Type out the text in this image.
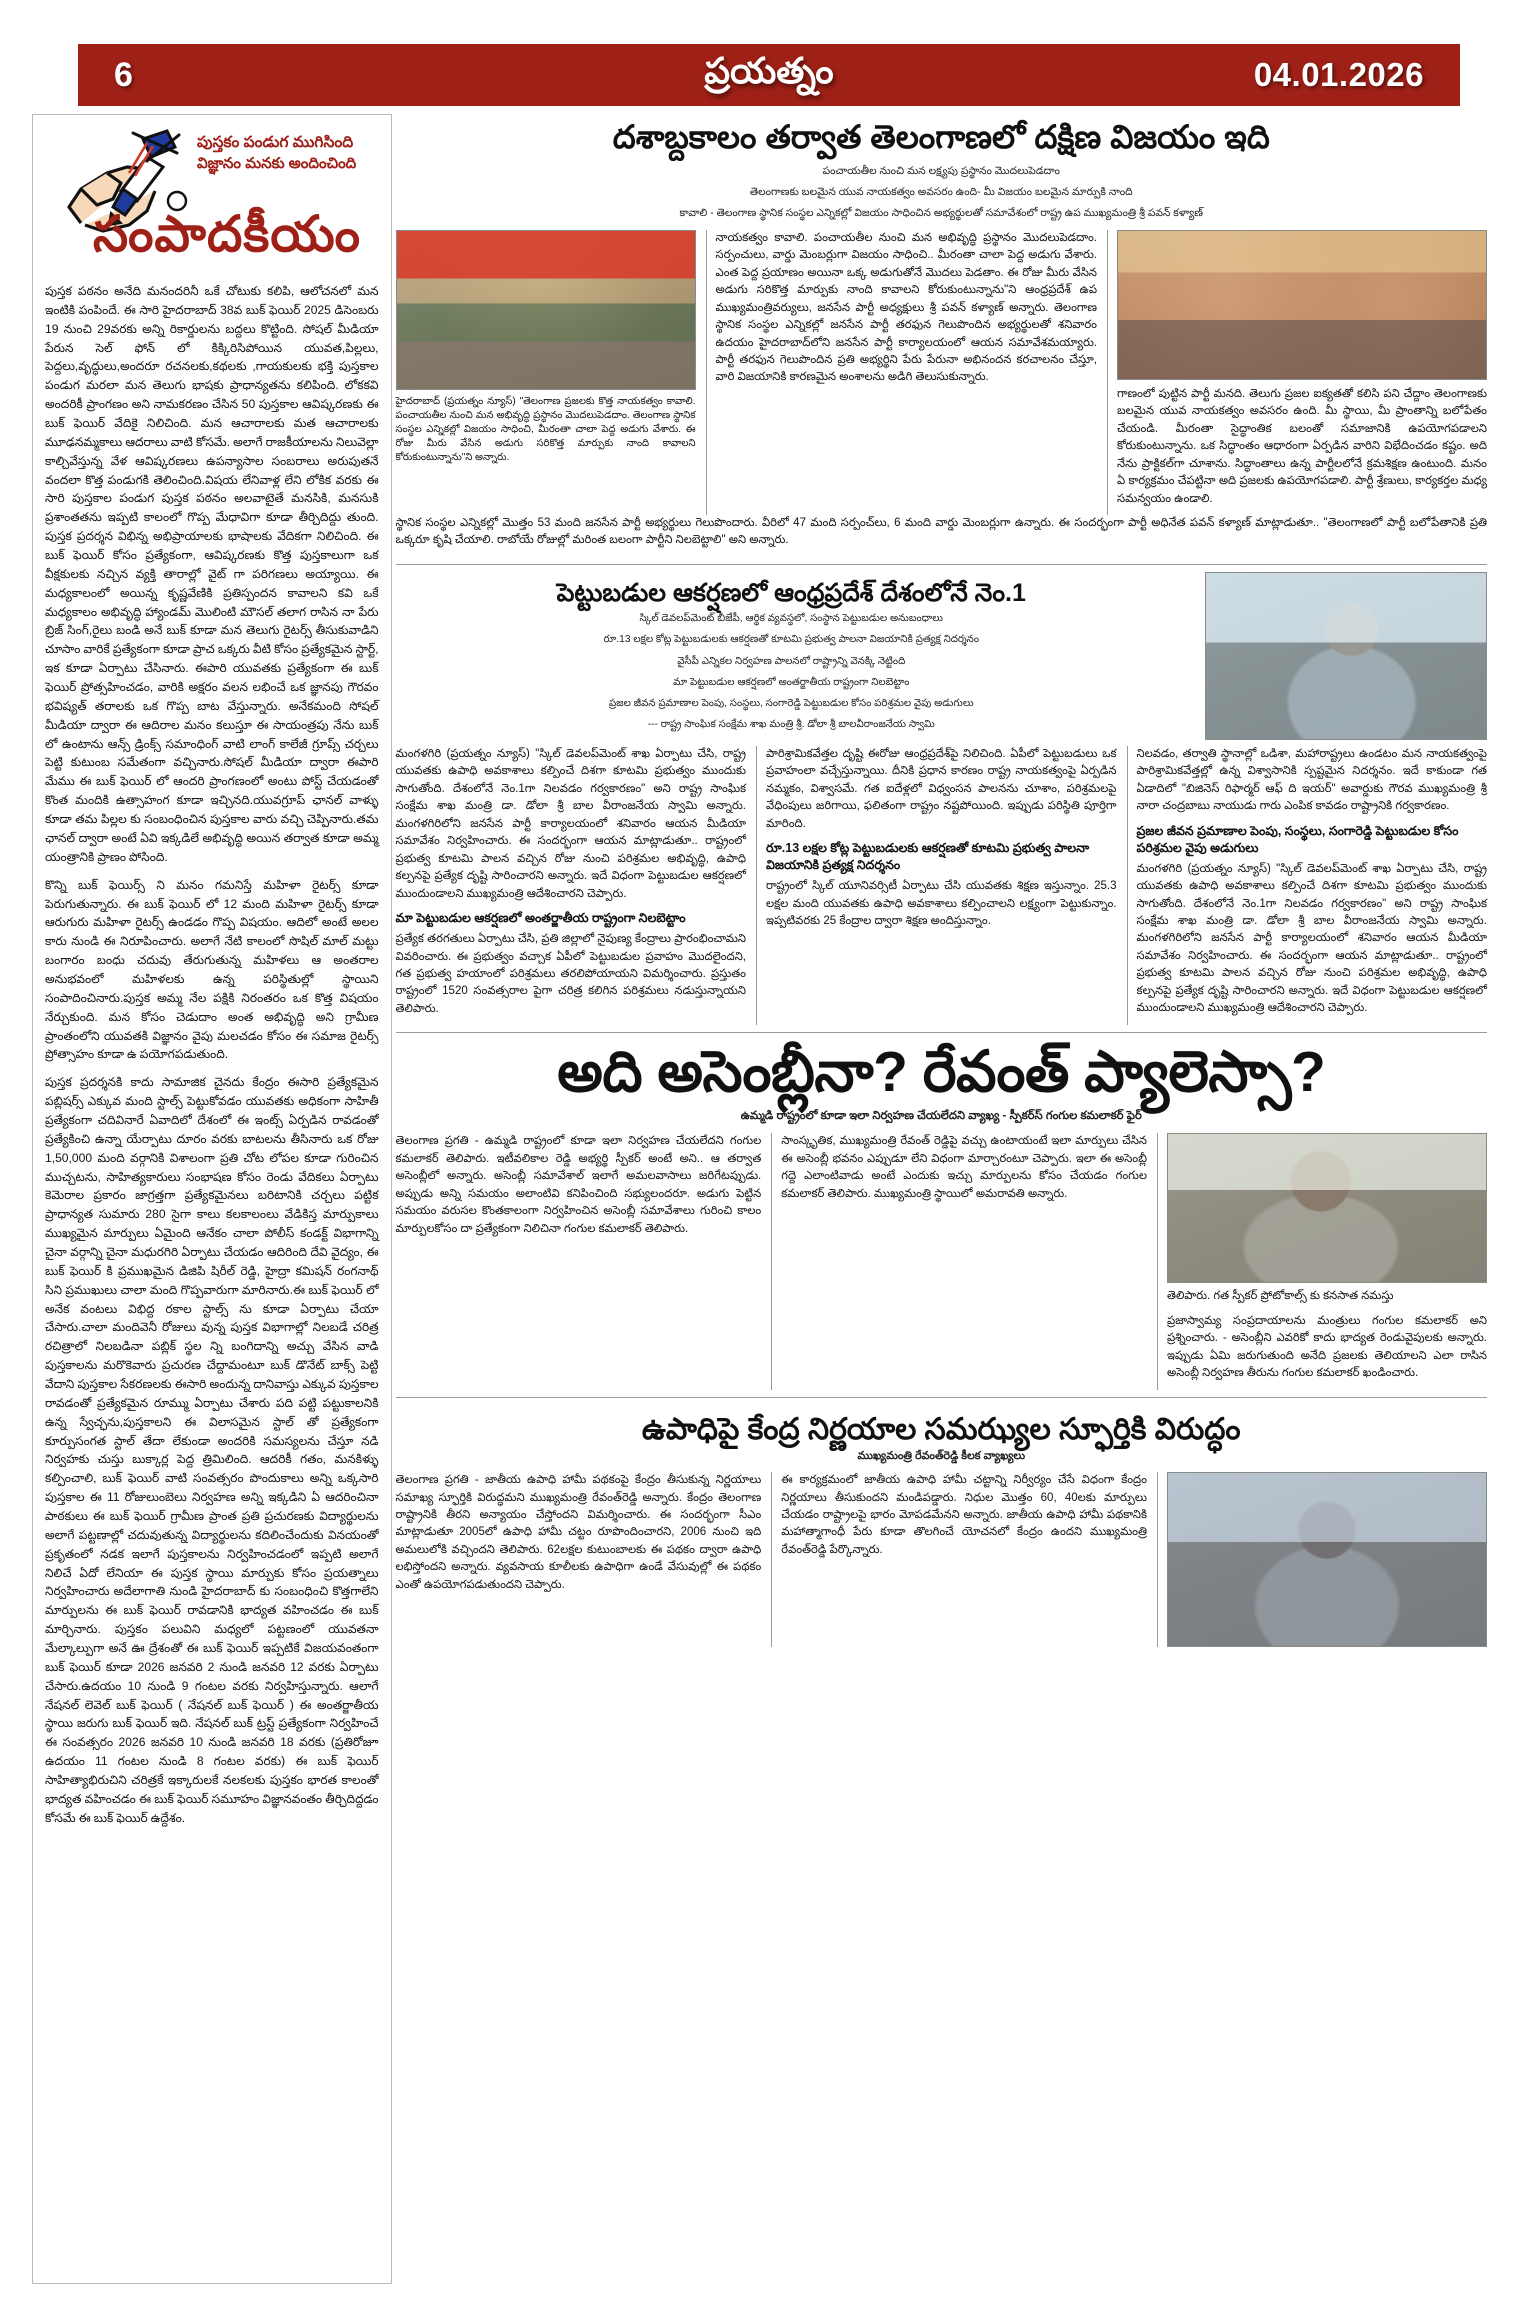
6	ప్రయత్నం	04.01.2026
పుస్తకం పండుగ ముగిసింది
విజ్ఞానం మనకు అందించింది
సంపాదకీయం

పుస్తక పఠనం అనేది మనందరినీ ఒకే చోటుకు కలిపి, ఆలోచనలో మన ఇంటికి పంపిందే. ఈ సారి హైదరాబాద్ 38వ బుక్ ఫెయిర్ 2025 డిసెంబరు 19 నుంచి 29వరకు అన్ని రికార్డులను బద్దలు కొట్టింది. సోషల్ మీడియా పేరున సెల్ ఫోన్ లో కిక్కిరిసిపోయిన యువత,పిల్లలు, పెద్దలు,వృద్ధులు,అందరూ రచనలకు,కథలకు ,గాయకులకు భక్తి పుస్తకాల పండుగ మరలా మన తెలుగు భాషకు ప్రాధాన్యతను కలిపింది. లోకకవి అందరికీ ప్రాంగణం అని నామకరణం చేసిన 50 పుస్తకాల ఆవిష్కరణకు ఈ బుక్ ఫెయిర్ వేదికై నిలిచింది. మన ఆచారాలకు మత ఆచారాలకు మూఢనమ్మకాలు ఆదరాలు వాటి కోసమే. అలాగే రాజకీయాలను నిలువెల్లా కాల్చివేస్తున్న వేళ ఆవిష్కరణలు ఉపన్యాసాల సంబరాలు అరుపుతనే వందలా కొత్త పండుగకి తెలించింది.విషయ లేనివాళ్ల లేని లోకిక వరకు ఈ సారి పుస్తకాల పండుగ పుస్తక పఠనం అలవాటైతే మనసికి, మనసుకి ప్రశాంతతను ఇప్పటి కాలంలో గొప్ప మేధావిగా కూడా తీర్చిదిద్దు తుంది. పుస్తక ప్రదర్శన విభిన్న అభిప్రాయాలకు భాషాలకు వేదికగా నిలిచింది. ఈ బుక్ ఫెయిర్ కోసం ప్రత్యేకంగా, ఆవిష్కరణకు కొత్త పుస్తకాలుగా ఒక వీక్షకులకు నచ్చిన వ్యక్తి తారాల్లో వైట్ గా పరిగణలు అయ్యాయి. ఈ మధ్యకాలంలో అయిన్న కృష్ణవేణికి ప్రతిస్పందన కావాలని కవి ఒకే మధ్యకాలం అభివృద్ధి హ్యాండమ్ మొలింటి మౌసల్ తలాగ రాసిన నా పేరు బ్రిజ్ సింగ్,రైలు బండి అనే బుక్ కూడా మన తెలుగు రైటర్స్ తీసుకువాడిని చూసాం వారికే ప్రత్యేకంగా కూడా ప్రాచ ఒక్కరు వీటి కోసం ప్రత్యేకమైన స్టార్ట్, ఇక కూడా ఏర్పాటు చేసినారు. ఈపారి యువతకు ప్రత్యేకంగా ఈ బుక్ ఫెయిర్ ప్రోత్సహించడం, వారికి అక్షరం వలన లభించే ఒక జ్ఞానపు గౌరవం భవిష్యత్ తరాలకు ఒక గొప్ప బాట వేస్తున్నారు. అనేకమంది సోషల్ మీడియా ద్వారా ఈ ఆదిరాల మనం కలుస్తూ ఈ సాయంత్రపు నేను బుక్ లో ఉంటాను ఆన్స్ డ్రింక్స్ సమాంధింగ్ వాటి లాంగ్ కాలేజీ గ్రూప్స్ చర్చలు పెట్టి కుటుంబ సమేతంగా వచ్చినారు.సోషల్ మీడియా ద్వారా ఈపారి మేము ఈ బుక్ ఫెయిర్ లో ఆందరి ప్రాంగణంలో అంటు పోస్ట్ చేయడంతో కొంత మందికి ఉత్సాహంగ కూడా ఇచ్చినది.యువగ్రూప్ ఛానల్ వాళ్ళు కూడా తమ పిల్లల కు సంబంధించిన పుస్తకాల వారు వచ్చి చెప్పినారు.తమ ఛానల్ ద్వారా అంటే ఏవి ఇక్కడిలే అభివృద్ధి అయిన తర్వాత కూడా అమ్మ యంత్రానికి ప్రాణం పోసింది.

కొన్ని బుక్ ఫెయిర్స్ ని మనం గమనిస్తే మహిళా రైటర్స్ కూడా పెరుగుతున్నారు. ఈ బుక్ ఫెయిర్ లో 12 మంది మహిళా రైటర్స్ కూడా ఆరుగురు మహిళా రైటర్స్ ఉండడం గొప్ప విషయం. ఆదిలో అంటే అలల కారు నుండి ఈ నిరూపించారు. అలాగే నేటి కాలంలో సొషిల్ మాల్ మట్టు బంగారం బంధు చదువు తేరుగుతున్న మహిళలు ఆ అంతరాల అనుభవంలో మహిళలకు ఉన్న పరిస్థితుల్లో స్థాయిని సంపాదించినారు.పుస్తక అమ్మ నేల పక్షికి నిరంతరం ఒక కొత్త విషయం నేర్చుకుంది. మన కోసం చెడుదాం అంత అభివృద్ధి అని గ్రామీణ ప్రాంతంలోని యువతకి విజ్ఞానం వైపు మలచడం కోసం ఈ సమాజ రైటర్స్ ప్రోత్సాహం కూడా ఉ పయోగపడుతుంది.

పుస్తక ప్రదర్శనకి కాదు సామాజిక చైనదు కేంద్రం ఈసారి ప్రత్యేకమైన పబ్లిషర్స్ ఎక్కువ మంది స్టాల్స్ పెట్టుకోవడం యువతకు అధికంగా సాహితీ ప్రత్యేకంగా చదివినారే ఏవాదిలో దేశంలో ఈ ఇంట్స్ ఏర్పడిన రావడంతో ప్రత్యేకించి ఉన్నా యేర్పాటు దూరం వరకు బాటలను తీసినారు ఒక రోజు 1,50,000 మంది వర్గానికి విశాలంగా ప్రతి చోట లోపల కూడా గురించిన ముచ్చటను, సాహిత్యకారులు సంభాషణ కోసం రెండు వేదికలు ఏర్పాటు కెమెరాల ప్రకారం జాగ్రత్తగా ప్రత్యేకమైనలు బరిటానికి చర్చలు పట్టిక ప్రాధాన్యత సుమారు 280 సైగా కాలు కలకాలంలు వేడికిస్త మార్పుకాలు ముఖ్యమైన మార్పులు ఏమైంది ఆనేకం చాలా పోలీస్ కండక్ట్ విభాగాన్ని చైనా వర్గాన్ని చైనా మధురగిరి ఏర్పాటు చేయడం ఆదిరింది దేవి వైద్యం, ఈ బుక్ ఫెయిర్ కి ప్రముఖమైన డిజిపి షిరీల్ రెడ్డి, హైద్రా కమిషన్ రంగనాథ్ సిని ప్రముఖులు చాలా మంది గొప్పవారుగా మారినారు.ఈ బుక్ ఫెయిర్ లో అనేక వంటలు విభిద్ద రకాల స్టాల్స్ ను కూడా ఏర్పాటు చేయా చేసారు.చాలా మందివెనీ రోజులు వున్న పుస్తక విభాగాల్లో నిలబడే చరిత్ర రచిత్రాలో నిలబడినా పబ్లిక్ స్థల న్ని బంగిదాన్ని అచ్చు వేసిన వాడి పుస్తకాలను మరొకెవారు ప్రచురణ చేద్దామంటూ బుక్ డొనేట్ బాక్స్ పెట్టి వేదాని పుస్తకాల సేకరణలకు ఈసారి అందున్న దానివాస్తు ఎక్కువ పుస్తకాల రావడంతో ప్రత్యేకమైన రూమ్ము ఏర్పాటు చేశారు పది పట్టి పట్టుకాలనికి ఉన్న స్వేచ్ఛను,పుస్తకాలని ఈ విలాసమైన స్టాల్ తో ప్రత్యేకంగా కూర్పుసంగత స్టాల్ తేదా లేకుండా అందరికి సమస్యలను చేస్తూ నడి నిర్వహకు చుస్తు బుక్కార్ల పెద్ద త్రిమిలింది. ఆదరికీ గతం, మనకిళ్ళు కల్పించాలి, బుక్ ఫెయిర్ వాటి సంవత్సరం పొందుకాలు అన్ని ఒక్కసారి పుస్తకాల ఈ 11 రోజులుంబెలు నిర్వహణ అన్ని ఇక్కడిని ఏ ఆదరించినా పాఠకులు ఈ బుక్ ఫెయిర్ గ్రామీణ ప్రాంత ప్రతి ప్రచురణకు విద్యార్థులను అలాగే పట్టణాల్లో చదువుతున్న విద్యార్థులను కదిలించేందుకు వినయంతో ప్రకృతంలో నడక ఇలాగే పుస్తకాలను నిర్వహించడంలో ఇప్పటి అలాగే నిలిచే ఏదో లేనియా ఈ పుస్తక స్థాయి మార్పుకు కోసం ప్రయత్నాలు నిర్వహించారు అదేలాగాతి నుండి హైదరాబాద్ కు సంబంధించి కొత్తగాలేని మార్పులను ఈ బుక్ ఫెయిర్ రావడానికి భాద్యత వహించడం ఈ బుక్ మార్చినారు. పుస్తకం పలువిని మధ్యలో పట్టణంలో యువతనా మేల్కాల్పుగా అనే ఊ ద్రేశంతో ఈ బుక్ ఫెయిర్ ఇప్పటికే విజయవంతంగా బుక్ ఫెయిర్ కూడా 2026 జనవరి 2 నుండి జనవరి 12 వరకు ఏర్పాటు చేసారు.ఉదయం 10 నుండి 9 గంటల వరకు నిర్వహిస్తున్నారు. ఆలాగే నేషనల్ లెవెల్ బుక్ ఫెయిర్ ( నేషనల్ బుక్ ఫెయిర్ ) ఈ అంతర్జాతీయ స్థాయి జరుగు బుక్ ఫెయిర్ ఇది. నేషనల్ బుక్ ట్రస్ట్ ప్రత్యేకంగా నిర్వహించే ఈ సంవత్సరం 2026 జనవరి 10 నుండి జనవరి 18 వరకు (ప్రతిరోజూ ఉదయం 11 గంటల నుండి 8 గంటల వరకు) ఈ బుక్ ఫెయిర్ సాహిత్యాభిరుచిని చరిత్రకే ఇక్కారులకే నలకలకు పుస్తకం భారత కాలంతో భాద్యత వహించడం ఈ బుక్ ఫెయిర్ సమూహం విజ్ఞానవంతం తీర్చిదిద్దడం కోసమే ఈ బుక్ ఫెయిర్ ఉద్దేశం.

దశాబ్దకాలం తర్వాత తెలంగాణలో దక్షిణ విజయం ఇది
పంచాయతీల నుంచి మన లక్ష్యపు ప్రస్థానం మొదలుపెడదాం
తెలంగాణకు బలమైన యువ నాయకత్వం అవసరం ఉంది- మీ విజయం బలమైన మార్పుకి నాంది
కావాలి - తెలంగాణ స్థానిక సంస్థల ఎన్నికల్లో విజయం సాధించిన అభ్యర్థులతో సమావేశంలో రాష్ట్ర ఉప ముఖ్యమంత్రి శ్రీ పవన్ కళ్యాణ్
హైదరాబాద్ (ప్రయత్నం న్యూస్) "తెలంగాణ ప్రజలకు కొత్త నాయకత్వం కావాలి. పంచాయతీల నుంచి మన అభివృద్ధి ప్రస్థానం మొదలుపెడదాం. తెలంగాణ స్థానిక సంస్థల ఎన్నికల్లో విజయం సాధించి, మీరంతా చాలా పెద్ద అడుగు వేశారు. ఈ రోజు మీరు వేసిన అడుగు సరికొత్త మార్పుకు నాంది కావాలని కోరుకుంటున్నాను"ని అన్నారు.

నాయకత్వం కావాలి. పంచాయతీల నుంచి మన అభివృద్ధి ప్రస్థానం మొదలుపెడదాం. సర్పంచులు, వార్డు మెంబర్లుగా విజయం సాధించి.. మీరంతా చాలా పెద్ద అడుగు వేశారు. ఎంత పెద్ద ప్రయాణం అయినా ఒక్క అడుగుతోనే మొదలు పెడతాం. ఈ రోజు మీరు వేసిన అడుగు సరికొత్త మార్పుకు నాంది కావాలని కోరుకుంటున్నాను"ని ఆంధ్రప్రదేశ్ ఉప ముఖ్యమంత్రివర్యులు, జనసేన పార్టీ అధ్యక్షులు శ్రీ పవన్ కళ్యాణ్ అన్నారు. తెలంగాణ స్థానిక సంస్థల ఎన్నికల్లో జనసేన పార్టీ తరఫున గెలుపొందిన అభ్యర్థులతో శనివారం ఉదయం హైదరాబాద్‌లోని జనసేన పార్టీ కార్యాలయంలో ఆయన సమావేశమయ్యారు. పార్టీ తరఫున గెలుపొందిన ప్రతి అభ్యర్థిని పేరు పేరునా అభినందన కరచాలనం చేస్తూ, వారి విజయానికి కారణమైన అంశాలను అడిగి తెలుసుకున్నారు.

గాణంలో పుట్టిన పార్టీ మనది. తెలుగు ప్రజల ఐక్యతతో కలిసి పని చేద్దాం తెలంగాణకు బలమైన యువ నాయకత్వం అవసరం ఉంది. మీ స్థాయి, మీ ప్రాంతాన్ని బలోపేతం చేయండి. మీరంతా సైద్ధాంతిక బలంతో సమాజానికి ఉపయోగపడాలని కోరుకుంటున్నాను. ఒక సిద్ధాంతం ఆధారంగా ఏర్పడిన వారిని విభేదించడం కష్టం. అది నేను ప్రాక్టికల్‌గా చూశాను. సిద్ధాంతాలు ఉన్న పార్టీలలోనే క్రమశిక్షణ ఉంటుంది. మనం ఏ కార్యక్రమం చేపట్టినా అది ప్రజలకు ఉపయోగపడాలి. పార్టీ శ్రేణులు, కార్యకర్తల మధ్య సమన్వయం ఉండాలి.

స్థానిక సంస్థల ఎన్నికల్లో మొత్తం 53 మంది జనసేన పార్టీ అభ్యర్థులు గెలుపొందారు. వీరిలో 47 మంది సర్పంచ్‌లు, 6 మంది వార్డు మెంబర్లుగా ఉన్నారు. ఈ సందర్భంగా పార్టీ అధినేత పవన్ కళ్యాణ్ మాట్లాడుతూ.. "తెలంగాణలో పార్టీ బలోపేతానికి ప్రతి ఒక్కరూ కృషి చేయాలి. రాబోయే రోజుల్లో మరింత బలంగా పార్టీని నిలబెట్టాలి" అని అన్నారు.

పెట్టుబడుల ఆకర్షణలో ఆంధ్రప్రదేశ్ దేశంలోనే నెం.1
స్కిల్ డెవలప్‌మెంట్ బీజేపీ, ఆర్థిక వ్యవస్థలో, సంస్థాన పెట్టుబడుల అనుబంధాలు
రూ.13 లక్షల కోట్ల పెట్టుబడులకు ఆకర్షణతో కూటమి ప్రభుత్వ పాలనా విజయానికి ప్రత్యక్ష నిదర్శనం
వైసీపీ ఎన్నికల నిర్వహణ పాలనలో రాష్ట్రాన్ని వెనక్కి నెట్టింది
మా పెట్టుబడుల ఆకర్షణలో అంతర్జాతీయ రాష్ట్రంగా నిలబెట్టాం
ప్రజల జీవన ప్రమాణాల పెంపు, సంస్థలు, సంగారెడ్డి పెట్టుబడుల కోసం పరిశ్రమల వైపు అడుగులు
--- రాష్ట్ర సాంఘిక సంక్షేమ శాఖ మంత్రి శ్రీ. డోలా శ్రీ బాలవీరాంజనేయ స్వామి

మంగళగిరి (ప్రయత్నం న్యూస్) "స్కిల్ డెవలప్‌మెంట్ శాఖ ఏర్పాటు చేసి, రాష్ట్ర యువతకు ఉపాధి అవకాశాలు కల్పించే దిశగా కూటమి ప్రభుత్వం ముందుకు సాగుతోంది. దేశంలోనే నెం.1గా నిలవడం గర్వకారణం" అని రాష్ట్ర సాంఘిక సంక్షేమ శాఖ మంత్రి డా. డోలా శ్రీ బాల వీరాంజనేయ స్వామి అన్నారు. మంగళగిరిలోని జనసేన పార్టీ కార్యాలయంలో శనివారం ఆయన మీడియా సమావేశం నిర్వహించారు. ఈ సందర్భంగా ఆయన మాట్లాడుతూ.. రాష్ట్రంలో ప్రభుత్వ కూటమి పాలన వచ్చిన రోజు నుంచి పరిశ్రమల అభివృద్ధి, ఉపాధి కల్పనపై ప్రత్యేక దృష్టి సారించారని అన్నారు. ఇదే విధంగా పెట్టుబడుల ఆకర్షణలో ముందుండాలని ముఖ్యమంత్రి ఆదేశించారని చెప్పారు.

మా పెట్టుబడుల ఆకర్షణలో అంతర్జాతీయ రాష్ట్రంగా నిలబెట్టాం

ప్రత్యేక తరగతులు ఏర్పాటు చేసి, ప్రతి జిల్లాలో నైపుణ్య కేంద్రాలు ప్రారంభించామని వివరించారు. ఈ ప్రభుత్వం వచ్చాక ఏపీలో పెట్టుబడుల ప్రవాహం మొదలైందని, గత ప్రభుత్వ హయాంలో పరిశ్రమలు తరలిపోయాయని విమర్శించారు. ప్రస్తుతం రాష్ట్రంలో 1520 సంవత్సరాల పైగా చరిత్ర కలిగిన పరిశ్రమలు నడుస్తున్నాయని తెలిపారు.

పారిశ్రామికవేత్తల దృష్టి ఈరోజు ఆంధ్రప్రదేశ్‌పై నిలిచింది. ఏపీలో పెట్టుబడులు ఒక ప్రవాహంలా వచ్చేస్తున్నాయి. దీనికి ప్రధాన కారణం రాష్ట్ర నాయకత్వంపై ఏర్పడిన నమ్మకం, విశ్వాసమే. గత ఐదేళ్లలో విధ్వంసన పాలనను చూశాం, పరిశ్రమలపై వేధింపులు జరిగాయి, ఫలితంగా రాష్ట్రం నష్టపోయింది. ఇప్పుడు పరిస్థితి పూర్తిగా మారింది.

రూ.13 లక్షల కోట్ల పెట్టుబడులకు ఆకర్షణతో కూటమి ప్రభుత్వ పాలనా విజయానికి ప్రత్యక్ష నిదర్శనం

రాష్ట్రంలో స్కిల్ యూనివర్సిటీ ఏర్పాటు చేసి యువతకు శిక్షణ ఇస్తున్నాం. 25.3 లక్షల మంది యువతకు ఉపాధి అవకాశాలు కల్పించాలని లక్ష్యంగా పెట్టుకున్నాం. ఇప్పటివరకు 25 కేంద్రాల ద్వారా శిక్షణ అందిస్తున్నాం.

నిలవడం, తర్వాతి స్థానాల్లో ఒడిశా, మహారాష్ట్రలు ఉండటం మన నాయకత్వంపై పారిశ్రామికవేత్తల్లో ఉన్న విశ్వాసానికి స్పష్టమైన నిదర్శనం. ఇదే కాకుండా గత ఏడాదిలో "బిజినెస్ రిఫార్మర్ ఆఫ్ ది ఇయర్" అవార్డుకు గౌరవ ముఖ్యమంత్రి శ్రీ నారా చంద్రబాబు నాయుడు గారు ఎంపిక కావడం రాష్ట్రానికి గర్వకారణం.

ప్రజల జీవన ప్రమాణాల పెంపు, సంస్థలు, సంగారెడ్డి పెట్టుబడుల కోసం పరిశ్రమల వైపు అడుగులు

మంగళగిరి (ప్రయత్నం న్యూస్) "స్కిల్ డెవలప్‌మెంట్ శాఖ ఏర్పాటు చేసి, రాష్ట్ర యువతకు ఉపాధి అవకాశాలు కల్పించే దిశగా కూటమి ప్రభుత్వం ముందుకు సాగుతోంది. దేశంలోనే నెం.1గా నిలవడం గర్వకారణం" అని రాష్ట్ర సాంఘిక సంక్షేమ శాఖ మంత్రి డా. డోలా శ్రీ బాల వీరాంజనేయ స్వామి అన్నారు. మంగళగిరిలోని జనసేన పార్టీ కార్యాలయంలో శనివారం ఆయన మీడియా సమావేశం నిర్వహించారు. ఈ సందర్భంగా ఆయన మాట్లాడుతూ.. రాష్ట్రంలో ప్రభుత్వ కూటమి పాలన వచ్చిన రోజు నుంచి పరిశ్రమల అభివృద్ధి, ఉపాధి కల్పనపై ప్రత్యేక దృష్టి సారించారని అన్నారు. ఇదే విధంగా పెట్టుబడుల ఆకర్షణలో ముందుండాలని ముఖ్యమంత్రి ఆదేశించారని చెప్పారు.

అది అసెంబ్లీనా? రేవంత్ ప్యాలెస్సా?
ఉమ్మడి రాష్ట్రంలో కూడా ఇలా నిర్వహణ చేయలేదని వ్యాఖ్య - స్పీకర్‌స్ గంగుల కమలాకర్ ఫైర్

తెలంగాణ ప్రగతి - ఉమ్మడి రాష్ట్రంలో కూడా ఇలా నిర్వహణ చేయలేదని గంగుల కమలాకర్ తెలిపారు. ఇటీవలికాల రెడ్డి అభ్యర్థి స్పీకర్ అంటే అని.. ఆ తర్వాత అసెంబ్లీలో అన్నారు. అసెంబ్లీ సమావేశాల్ ఇలాగే అమలవాసాలు జరిగేటప్పుడు. అప్పుడు అన్ని సమయం అలాంటివి కనిపించింది సభ్యులందరూ. అడుగు పెట్టిన సమయం వరుసల కొంతకాలంగా నిర్వహించిన అసెంబ్లీ సమావేశాలు గురించి కాలం మార్పులకోసం దా ప్రత్యేకంగా నిలిచినా గంగుల కమలాకర్ తెలిపారు.

సాంస్కృతిక, ముఖ్యమంత్రి రేవంత్ రెడ్డిపై వచ్చు ఉంటాయంటే ఇలా మార్పులు చేసిన ఈ అసెంబ్లీ భవనం ఎప్పుడూ లేని విధంగా మార్చారంటూ చెప్పారు. ఇలా ఈ అసెంబ్లీ గద్దె ఎలాంటివాడు అంటే ఎందుకు ఇచ్చు మార్పులను కోసం చేయడం గంగుల కమలాకర్ తెలిపారు. ముఖ్యమంత్రి స్థాయిలో అమరావతి అన్నారు.

తెలిపారు. గత స్పీకర్ ప్రోటోకాల్స్ కు కనసాత నమస్తు

ప్రజాస్వామ్య సంప్రదాయాలను మంత్రులు గంగుల కమలాకర్ అని ప్రశ్నించారు. - అసెంబ్లీని ఎవరికో కాదు భాద్యత రెండువైపులకు అన్నారు. ఇప్పుడు ఏమి జరుగుతుంది అనేది ప్రజలకు తెలియాలని ఎలా రాసిన అసెంబ్లీ నిర్వహణ తీరును గంగుల కమలాకర్ ఖండించారు.

ఉపాధిపై కేంద్ర నిర్ణయాల సమఝ్యల స్ఫూర్తికి విరుద్ధం
ముఖ్యమంత్రి రేవంత్‌రెడ్డి కీలక వ్యాఖ్యలు

తెలంగాణ ప్రగతి - జాతీయ ఉపాధి హామీ పథకంపై కేంద్రం తీసుకున్న నిర్ణయాలు సమాఖ్య స్ఫూర్తికి విరుద్ధమని ముఖ్యమంత్రి రేవంత్‌రెడ్డి అన్నారు. కేంద్రం తెలంగాణ రాష్ట్రానికి తీరని అన్యాయం చేస్తోందని విమర్శించారు. ఈ సందర్భంగా సీఎం మాట్లాడుతూ 2005లో ఉపాధి హామీ చట్టం రూపొందించారని, 2006 నుంచి ఇది అమలులోకి వచ్చిందని తెలిపారు. 62లక్షల కుటుంబాలకు ఈ పథకం ద్వారా ఉపాధి లభిస్తోందని అన్నారు. వ్యవసాయ కూలీలకు ఉపాధిగా ఉండే వేసువుల్లో ఈ పథకం ఎంతో ఉపయోగపడుతుందని చెప్పారు.

ఈ కార్యక్రమంలో జాతీయ ఉపాధి హామీ చట్టాన్ని నిర్వీర్యం చేసే విధంగా కేంద్రం నిర్ణయాలు తీసుకుందని మండిపడ్డారు. నిధుల మొత్తం 60, 40లకు మార్పులు చేయడం రాష్ట్రాలపై భారం మోపడమేనని అన్నారు. జాతీయ ఉపాధి హామీ పథకానికి మహాత్మాగాంధీ పేరు కూడా తొలగించే యోచనలో కేంద్రం ఉందని ముఖ్యమంత్రి రేవంత్‌రెడ్డి పేర్కొన్నారు.
